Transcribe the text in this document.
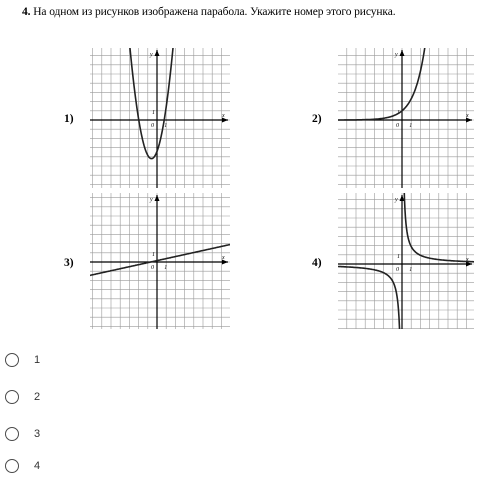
4. На одном из рисунков изображена парабола. Укажите номер этого рисунка.
1)	x
y
0 1
1
2)	x
y
0 1
1
3)	x
y
0 1
1
4)	x
y
0 1
1
1
2
3
4
